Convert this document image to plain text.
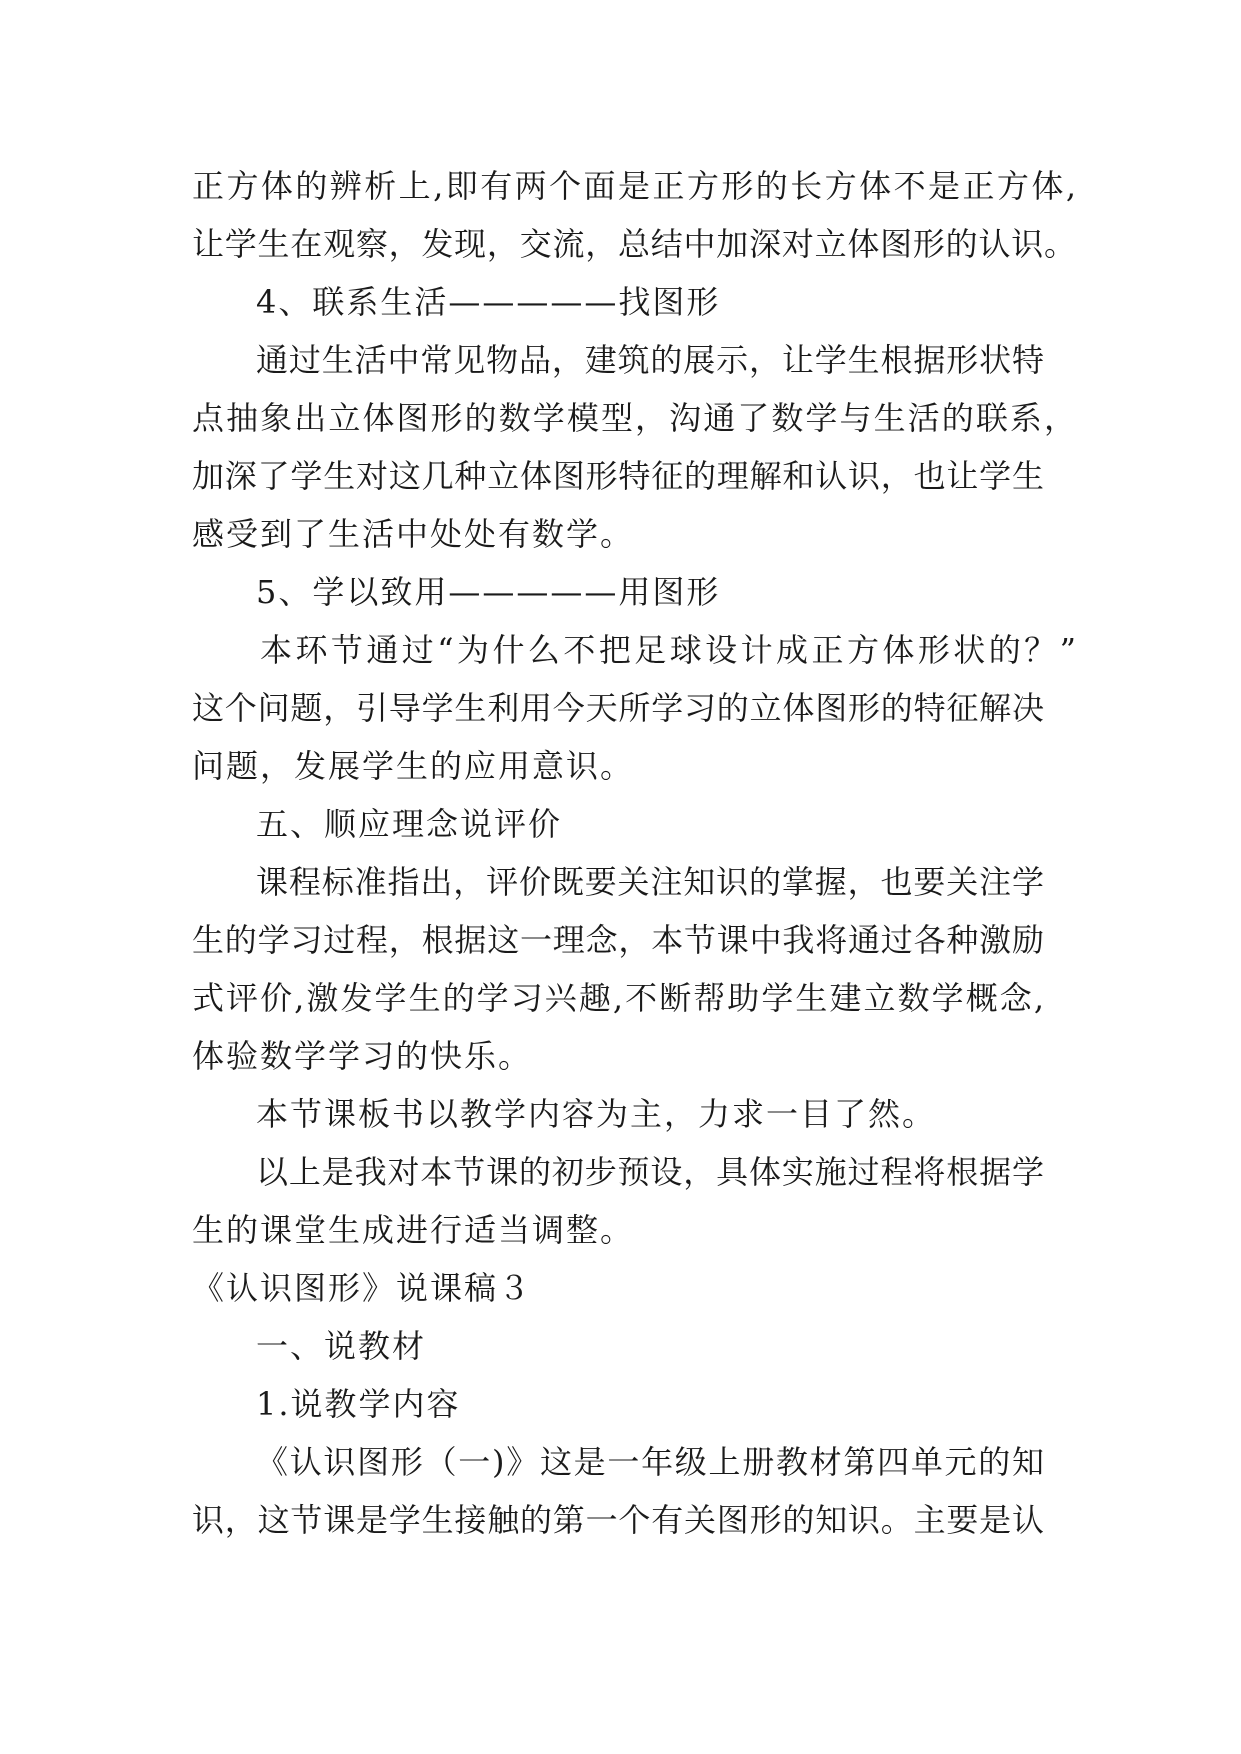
正方体的辨析上,即有两个面是正方形的长方体不是正方体,
让学生在观察，发现，交流，总结中加深对立体图形的认识。
4、联系生活—————找图形
通过生活中常见物品，建筑的展示，让学生根据形状特
点抽象出立体图形的数学模型，沟通了数学与生活的联系，
加深了学生对这几种立体图形特征的理解和认识，也让学生
感受到了生活中处处有数学。
5、学以致用—————用图形
本环节通过“为什么不把足球设计成正方体形状的？”
这个问题，引导学生利用今天所学习的立体图形的特征解决
问题，发展学生的应用意识。
五、顺应理念说评价
课程标准指出，评价既要关注知识的掌握，也要关注学
生的学习过程，根据这一理念，本节课中我将通过各种激励
式评价,激发学生的学习兴趣,不断帮助学生建立数学概念,
体验数学学习的快乐。
本节课板书以教学内容为主，力求一目了然。
以上是我对本节课的初步预设，具体实施过程将根据学
生的课堂生成进行适当调整。
《认识图形》说课稿３
一、说教材
1.说教学内容
《认识图形（一)》这是一年级上册教材第四单元的知
识，这节课是学生接触的第一个有关图形的知识。主要是认
